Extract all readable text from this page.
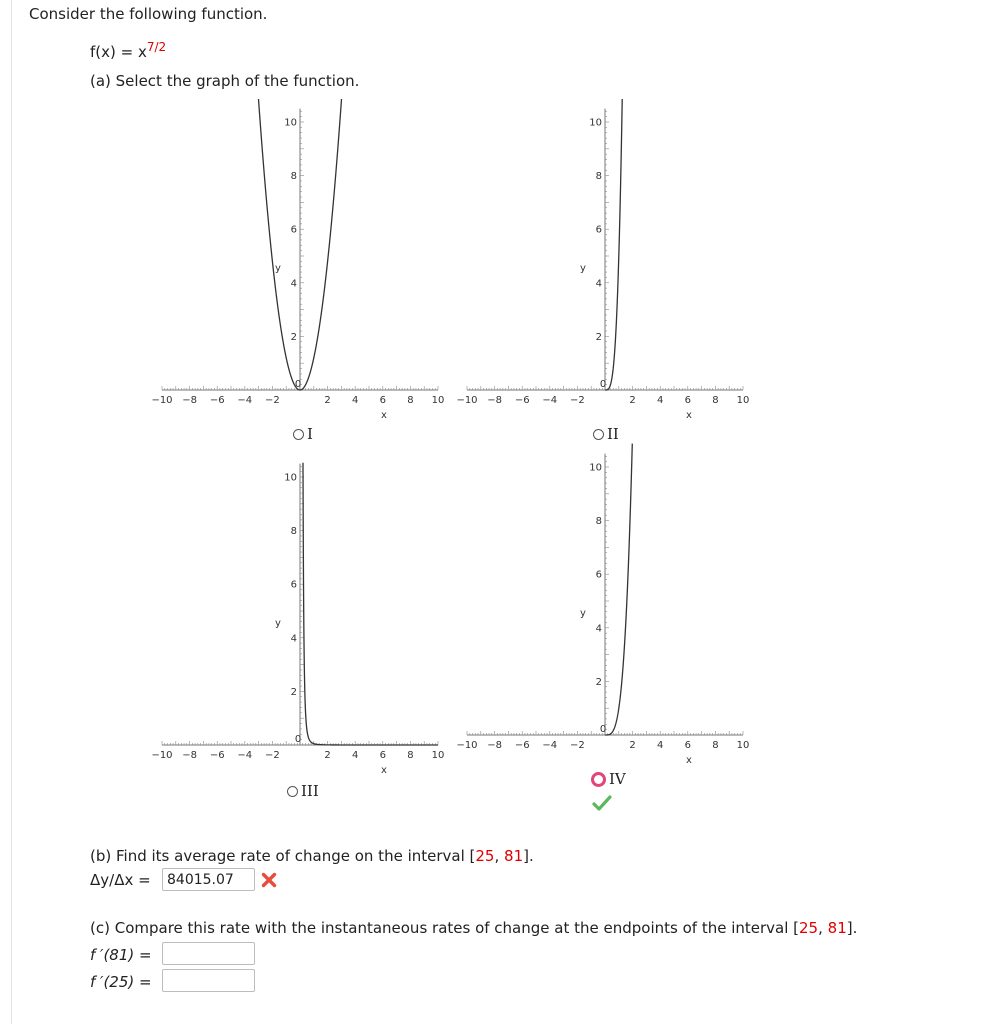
Consider the following function.
$f(x) = x^{7/2}$
(a) Select the graph of the function.
−10 −8 −6 −4 −2
0
2 4 6 8 10
2
4
6
8
10
x
y
−10 −8 −6 −4 −2
0
2 4 6 8 10
2
4
6
8
10
x
y
−10 −8 −6 −4 −2
0
2 4 6 8 10
2
4
6
8
10
x
y
−10 −8 −6 −4 −2
0
2 4 6 8 10
2
4
6
8
10
x
y
I	II
III
IV
(b) Find its average rate of change on the interval [25, 81].
Δy/Δx =
84015.07
(c) Compare this rate with the instantaneous rates of change at the endpoints of the interval [25, 81].
f ′(81) =
f ′(25) =
